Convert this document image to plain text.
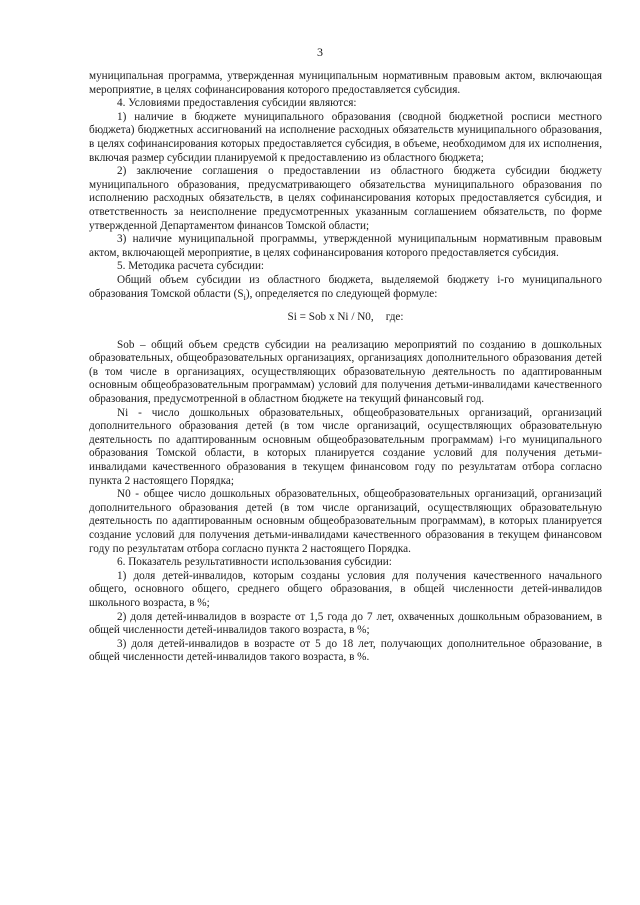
3

муниципальная программа, утвержденная муниципальным нормативным правовым актом, включающая мероприятие, в целях софинансирования которого предоставляется субсидия.

4. Условиями предоставления субсидии являются:

1) наличие в бюджете муниципального образования (сводной бюджетной росписи местного бюджета) бюджетных ассигнований на исполнение расходных обязательств муниципального образования, в целях софинансирования которых предоставляется субсидия, в объеме, необходимом для их исполнения, включая размер субсидии планируемой к предоставлению из областного бюджета;

2) заключение соглашения о предоставлении из областного бюджета субсидии бюджету муниципального образования, предусматривающего обязательства муниципального образования по исполнению расходных обязательств, в целях софинансирования которых предоставляется субсидия, и ответственность за неисполнение предусмотренных указанным соглашением обязательств, по форме утвержденной Департаментом финансов Томской области;

3) наличие муниципальной программы, утвержденной муниципальным нормативным правовым актом, включающей мероприятие, в целях софинансирования которого предоставляется субсидия.

5. Методика расчета субсидии:

Общий объем субсидии из областного бюджета, выделяемой бюджету i-го муниципального образования Томской области $(S_i)$, определяется по следующей формуле:

Si = Sob x Ni / N0, где:

Sob – общий объем средств субсидии на реализацию мероприятий по созданию в дошкольных образовательных, общеобразовательных организациях, организациях дополнительного образования детей (в том числе в организациях, осуществляющих образовательную деятельность по адаптированным основным общеобразовательным программам) условий для получения детьми-инвалидами качественного образования, предусмотренной в областном бюджете на текущий финансовый год.

Ni - число дошкольных образовательных, общеобразовательных организаций, организаций дополнительного образования детей (в том числе организаций, осуществляющих образовательную деятельность по адаптированным основным общеобразовательным программам) i-го муниципального образования Томской области, в которых планируется создание условий для получения детьми-инвалидами качественного образования в текущем финансовом году по результатам отбора согласно пункта 2 настоящего Порядка;

N0 - общее число дошкольных образовательных, общеобразовательных организаций, организаций дополнительного образования детей (в том числе организаций, осуществляющих образовательную деятельность по адаптированным основным общеобразовательным программам), в которых планируется создание условий для получения детьми-инвалидами качественного образования в текущем финансовом году по результатам отбора согласно пункта 2 настоящего Порядка.

6. Показатель результативности использования субсидии:

1) доля детей-инвалидов, которым созданы условия для получения качественного начального общего, основного общего, среднего общего образования, в общей численности детей-инвалидов школьного возраста, в %;

2) доля детей-инвалидов в возрасте от 1,5 года до 7 лет, охваченных дошкольным образованием, в общей численности детей-инвалидов такого возраста, в %;

3) доля детей-инвалидов в возрасте от 5 до 18 лет, получающих дополнительное образование, в общей численности детей-инвалидов такого возраста, в %.
